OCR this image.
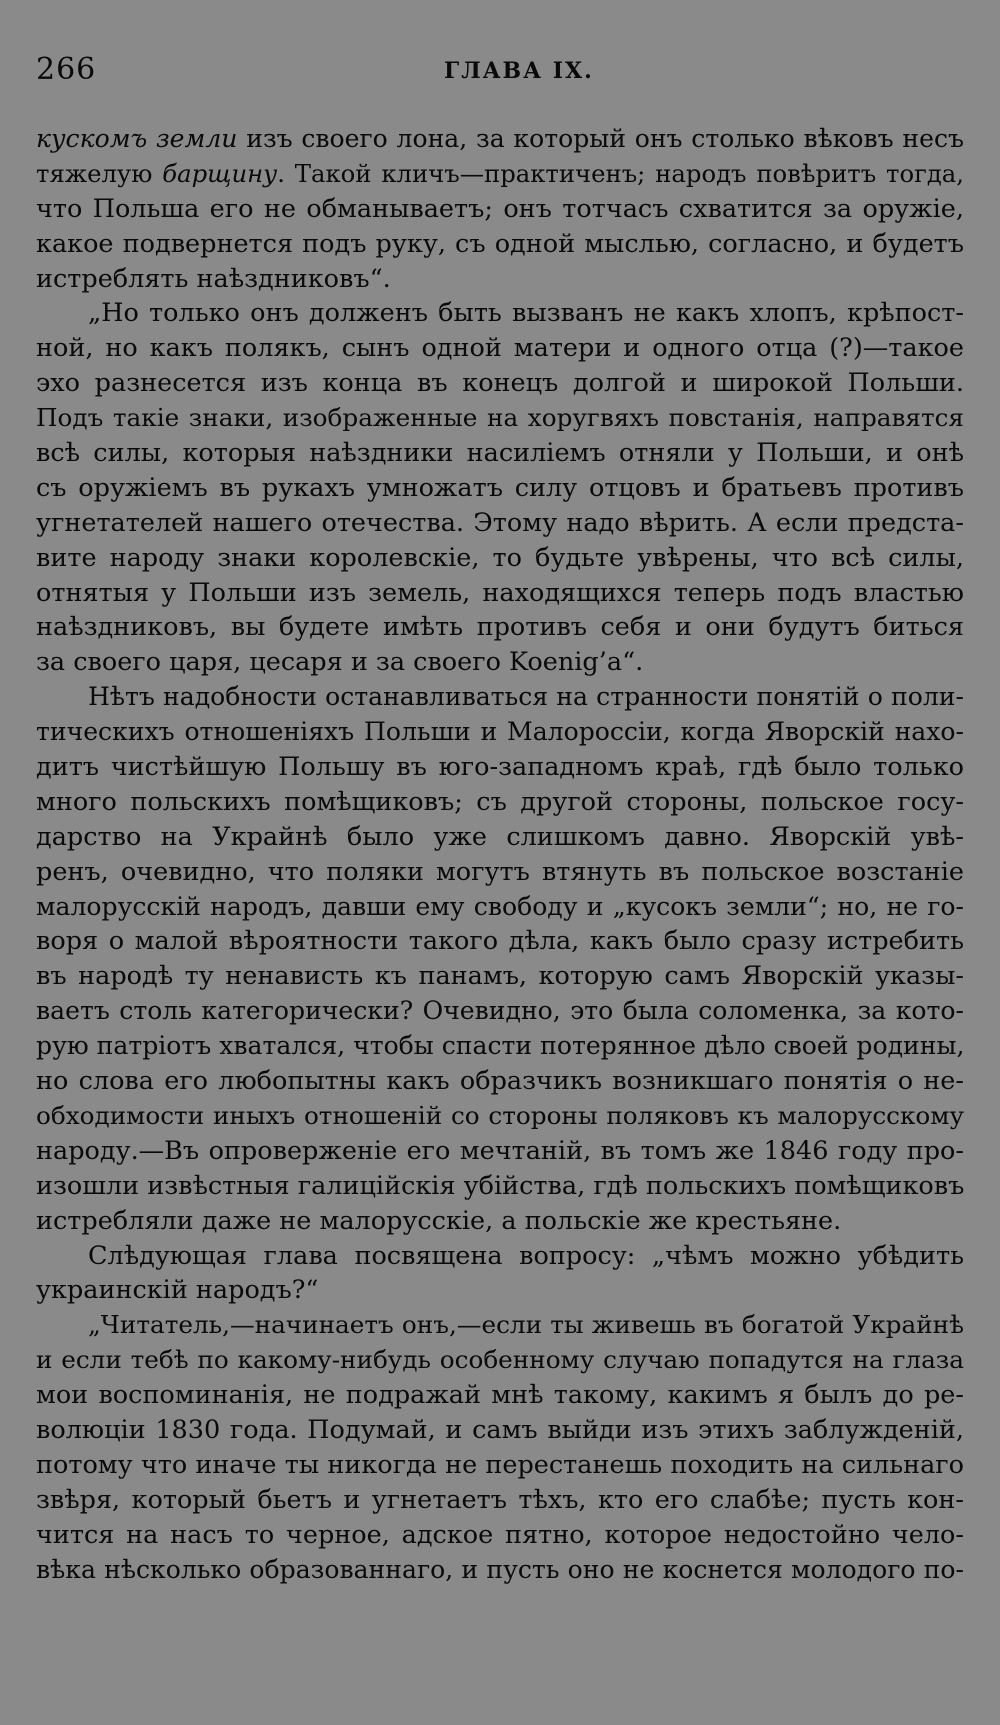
266	ГЛАВА IX.
кускомъ земли изъ своего лона, за который онъ столько вѣковъ несъ
тяжелую барщину. Такой кличъ—практиченъ; народъ повѣритъ тогда,
что Польша его не обманываетъ; онъ тотчасъ схватится за оружіе,
какое подвернется подъ руку, съ одной мыслью, согласно, и будетъ
истреблять наѣздниковъ“.
„Но только онъ долженъ быть вызванъ не какъ хлопъ, крѣпост-
ной, но какъ полякъ, сынъ одной матери и одного отца (?)—такое
эхо разнесется изъ конца въ конецъ долгой и широкой Польши.
Подъ такіе знаки, изображенные на хоругвяхъ повстанія, направятся
всѣ силы, которыя наѣздники насиліемъ отняли у Польши, и онѣ
съ оружіемъ въ рукахъ умножатъ силу отцовъ и братьевъ противъ
угнетателей нашего отечества. Этому надо вѣрить. А если предста-
вите народу знаки королевскіе, то будьте увѣрены, что всѣ силы,
отнятыя у Польши изъ земель, находящихся теперь подъ властью
наѣздниковъ, вы будете имѣть противъ себя и они будутъ биться
за своего царя, цесаря и за своего Koenig’а“.
Нѣтъ надобности останавливаться на странности понятій о поли-
тическихъ отношеніяхъ Польши и Малороссіи, когда Яворскій нахо-
дитъ чистѣйшую Польшу въ юго-западномъ краѣ, гдѣ было только
много польскихъ помѣщиковъ; съ другой стороны, польское госу-
дарство на Украйнѣ было уже слишкомъ давно. Яворскій увѣ-
ренъ, очевидно, что поляки могутъ втянуть въ польское возстаніе
малорусскій народъ, давши ему свободу и „кусокъ земли“; но, не го-
воря о малой вѣроятности такого дѣла, какъ было сразу истребить
въ народѣ ту ненависть къ панамъ, которую самъ Яворскій указы-
ваетъ столь категорически? Очевидно, это была соломенка, за кото-
рую патріотъ хватался, чтобы спасти потерянное дѣло своей родины,
но слова его любопытны какъ образчикъ возникшаго понятія о не-
обходимости иныхъ отношеній со стороны поляковъ къ малорусскому
народу.—Въ опроверженіе его мечтаній, въ томъ же 1846 году про-
изошли извѣстныя галиційскія убійства, гдѣ польскихъ помѣщиковъ
истребляли даже не малорусскіе, а польскіе же крестьяне.
Слѣдующая глава посвящена вопросу: „чѣмъ можно убѣдить
украинскій народъ?“
„Читатель,—начинаетъ онъ,—если ты живешь въ богатой Украйнѣ
и если тебѣ по какому-нибудь особенному случаю попадутся на глаза
мои воспоминанія, не подражай мнѣ такому, какимъ я былъ до ре-
волюціи 1830 года. Подумай, и самъ выйди изъ этихъ заблужденій,
потому что иначе ты никогда не перестанешь походить на сильнаго
звѣря, который бьетъ и угнетаетъ тѣхъ, кто его слабѣе; пусть кон-
чится на насъ то черное, адское пятно, которое недостойно чело-
вѣка нѣсколько образованнаго, и пусть оно не коснется молодого по-
